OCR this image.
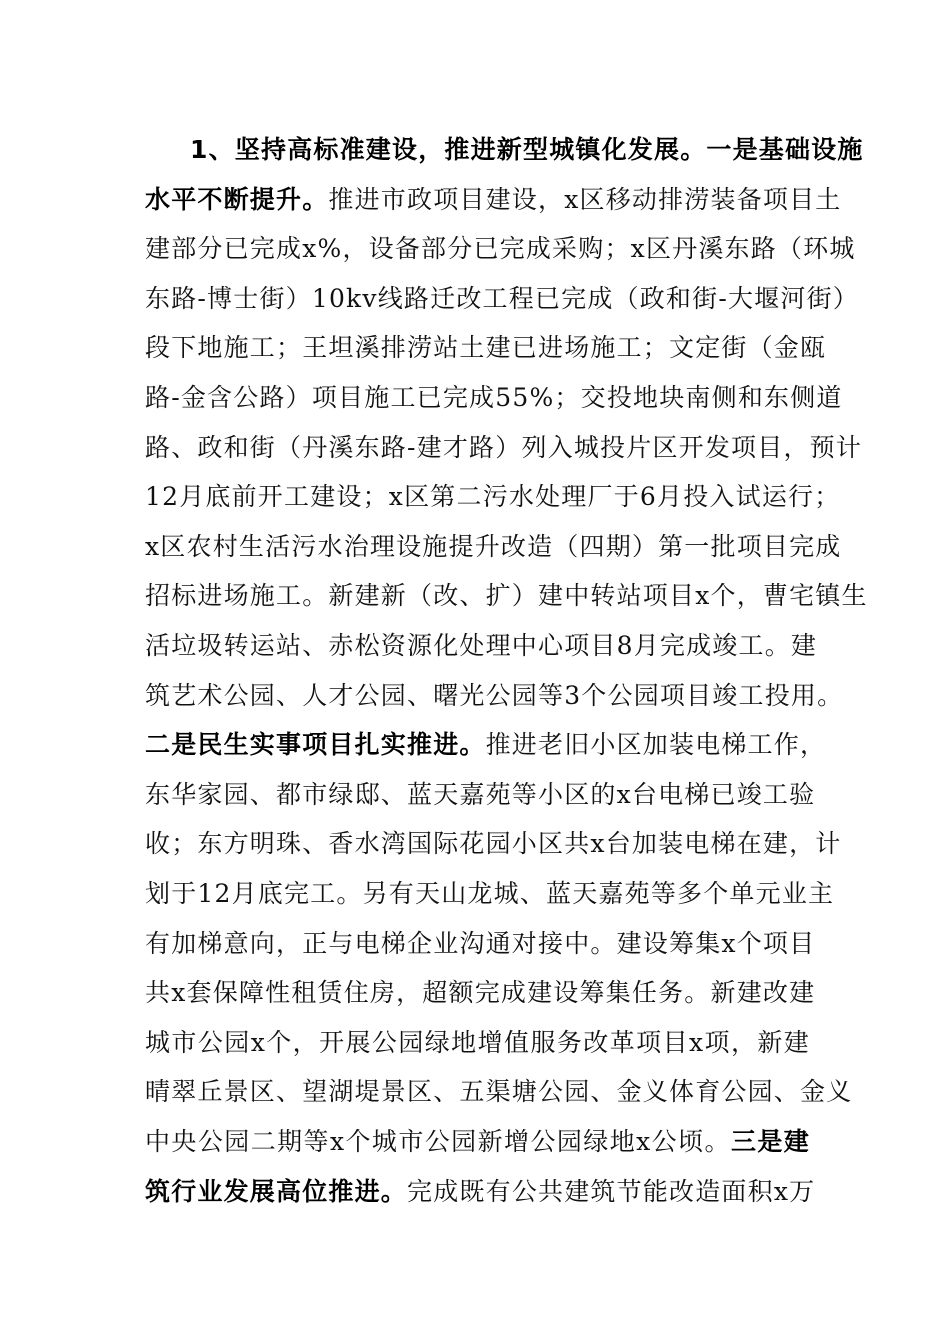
1、坚持高标准建设，推进新型城镇化发展。一是基础设施
水平不断提升。推进市政项目建设，x区移动排涝装备项目土
建部分已完成x%，设备部分已完成采购；x区丹溪东路（环城
东路-博士街）10kv线路迁改工程已完成（政和街-大堰河街）
段下地施工；王坦溪排涝站土建已进场施工；文定街（金瓯
路-金含公路）项目施工已完成55%；交投地块南侧和东侧道
路、政和街（丹溪东路-建才路）列入城投片区开发项目，预计
12月底前开工建设；x区第二污水处理厂于6月投入试运行；
x区农村生活污水治理设施提升改造（四期）第一批项目完成
招标进场施工。新建新（改、扩）建中转站项目x个，曹宅镇生
活垃圾转运站、赤松资源化处理中心项目8月完成竣工。建
筑艺术公园、人才公园、曙光公园等3个公园项目竣工投用。
二是民生实事项目扎实推进。推进老旧小区加装电梯工作，
东华家园、都市绿邸、蓝天嘉苑等小区的x台电梯已竣工验
收；东方明珠、香水湾国际花园小区共x台加装电梯在建，计
划于12月底完工。另有天山龙城、蓝天嘉苑等多个单元业主
有加梯意向，正与电梯企业沟通对接中。建设筹集x个项目
共x套保障性租赁住房，超额完成建设筹集任务。新建改建
城市公园x个，开展公园绿地增值服务改革项目x项，新建
晴翠丘景区、望湖堤景区、五渠塘公园、金义体育公园、金义
中央公园二期等x个城市公园新增公园绿地x公顷。三是建
筑行业发展高位推进。完成既有公共建筑节能改造面积x万
